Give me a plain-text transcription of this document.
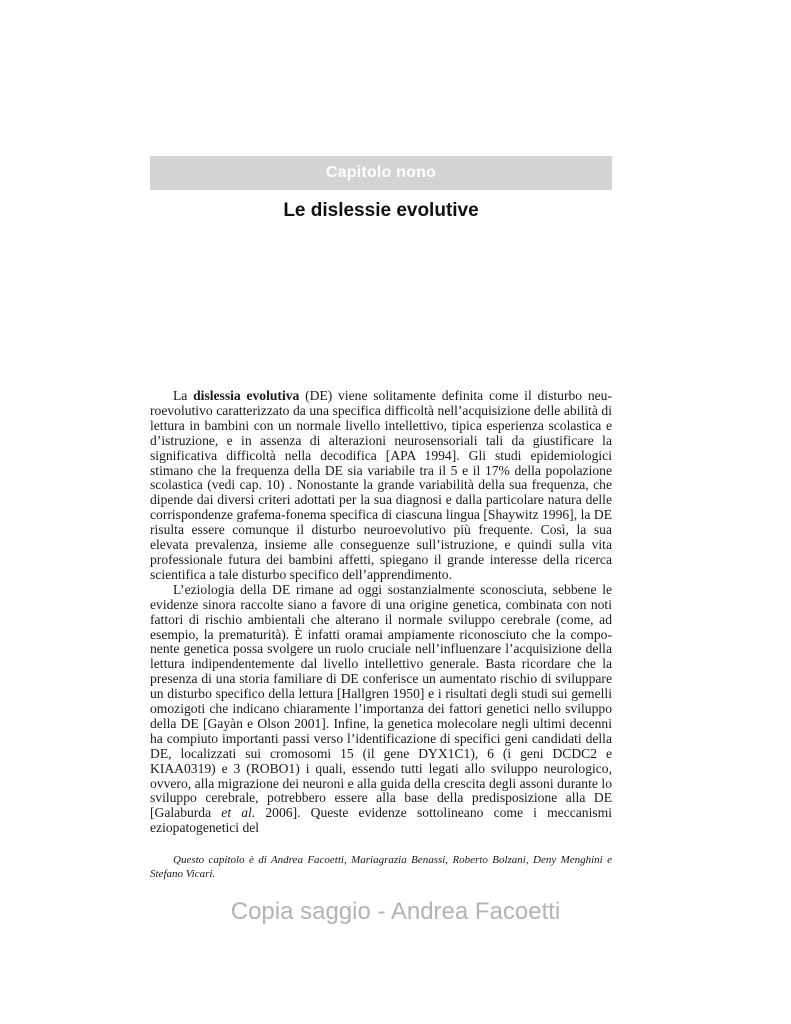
Capitolo nono
Le dislessie evolutive

La dislessia evolutiva (DE) viene solitamente definita come il disturbo neuroevolutivo caratterizzato da una specifica difficoltà nell’acquisizione delle abilità di lettura in bambini con un normale livello intellettivo, tipica esperienza scolastica e d’istruzione, e in assenza di alterazioni neurosensoriali tali da giustificare la significativa difficoltà nella decodifica [APA 1994]. Gli studi epidemiologici stimano che la frequenza della DE sia variabile tra il 5 e il 17% della popolazione scolastica (vedi cap. 10) . Nonostante la grande variabilità della sua frequenza, che dipende dai diversi criteri adottati per la sua diagnosi e dalla particolare natura delle corrispondenze grafema-fonema specifica di ciascuna lingua [Shaywitz 1996], la DE risulta essere comunque il disturbo neuroevolutivo più frequente. Così, la sua elevata prevalenza, insieme alle conseguenze sull’istruzione, e quindi sulla vita professionale futura dei bambini affetti, spiegano il grande interesse della ricerca scientifica a tale disturbo specifico dell’apprendimento.

L’eziologia della DE rimane ad oggi sostanzialmente sconosciuta, sebbene le evidenze sinora raccolte siano a favore di una origine genetica, combinata con noti fattori di rischio ambientali che alterano il normale sviluppo cerebrale (come, ad esempio, la prematurità). È infatti oramai ampiamente riconosciuto che la componente genetica possa svolgere un ruolo cruciale nell’influenzare l’acquisizione della lettura indipendentemente dal livello intellettivo generale. Basta ricordare che la presenza di una storia familiare di DE conferisce un aumentato rischio di sviluppare un disturbo specifico della lettura [Hallgren 1950] e i risultati degli studi sui gemelli omozigoti che indicano chiaramente l’importanza dei fattori genetici nello sviluppo della DE [Gayàn e Olson 2001]. Infine, la genetica molecolare negli ultimi decenni ha compiuto importanti passi verso l’identificazione di specifici geni candidati della DE, localizzati sui cromosomi 15 (il gene DYX1C1), 6 (i geni DCDC2 e KIAA0319) e 3 (ROBO1) i quali, essendo tutti legati allo sviluppo neurologico, ovvero, alla migrazione dei neuroni e alla guida della crescita degli assoni durante lo sviluppo cerebrale, potrebbero essere alla base della predisposizione alla DE [Galaburda et al. 2006]. Queste evidenze sottolineano come i meccanismi eziopatogenetici del

Questo capitolo è di Andrea Facoetti, Mariagrazia Benassi, Roberto Bolzani, Deny Menghini e Stefano Vicari.
Copia saggio - Andrea Facoetti
